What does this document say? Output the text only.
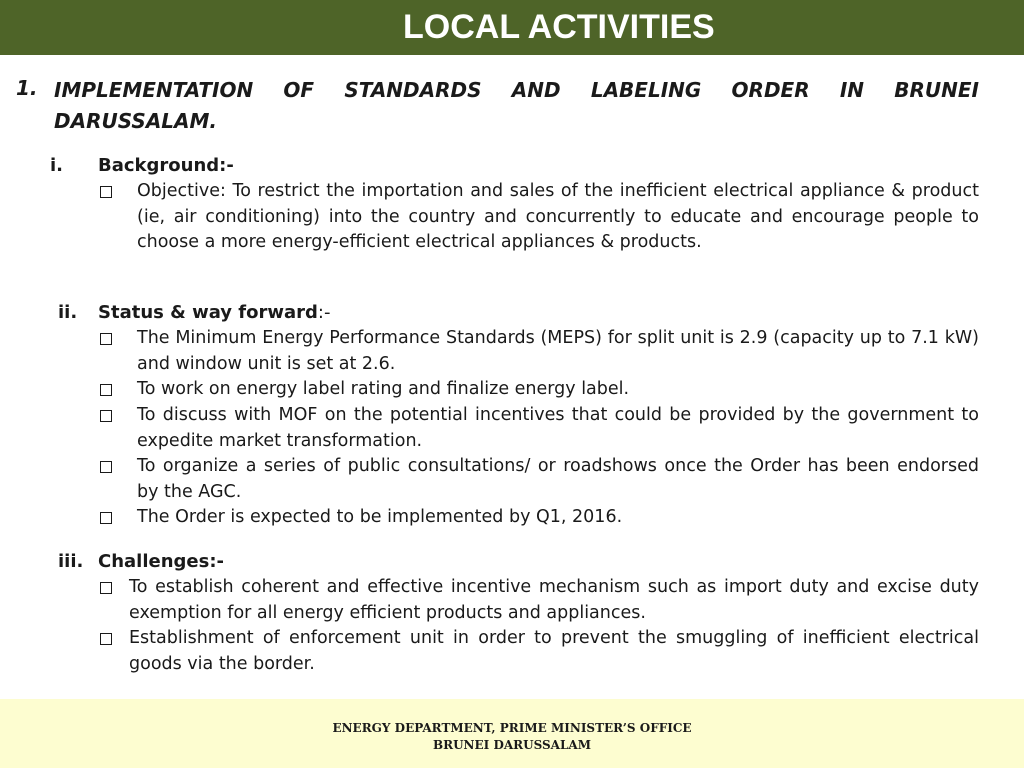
LOCAL ACTIVITIES
1. IMPLEMENTATION OF STANDARDS AND LABELING ORDER IN BRUNEI
DARUSSALAM.
i. Background:-
Objective: To restrict the importation and sales of the inefficient electrical appliance & product (ie, air conditioning) into the country and concurrently to educate and encourage people to choose a more energy-efficient electrical appliances & products.
ii. Status & way forward:-
The Minimum Energy Performance Standards (MEPS) for split unit is 2.9 (capacity up to 7.1 kW) and window unit is set at 2.6.
To work on energy label rating and finalize energy label.
To discuss with MOF on the potential incentives that could be provided by the government to expedite market transformation.
To organize a series of public consultations/ or roadshows once the Order has been endorsed by the AGC.
The Order is expected to be implemented by Q1, 2016.
iii. Challenges:-
To establish coherent and effective incentive mechanism such as import duty and excise duty exemption for all energy efficient products and appliances.
Establishment of enforcement unit in order to prevent the smuggling of inefficient electrical goods via the border.
ENERGY DEPARTMENT, PRIME MINISTER’S OFFICE
BRUNEI DARUSSALAM
